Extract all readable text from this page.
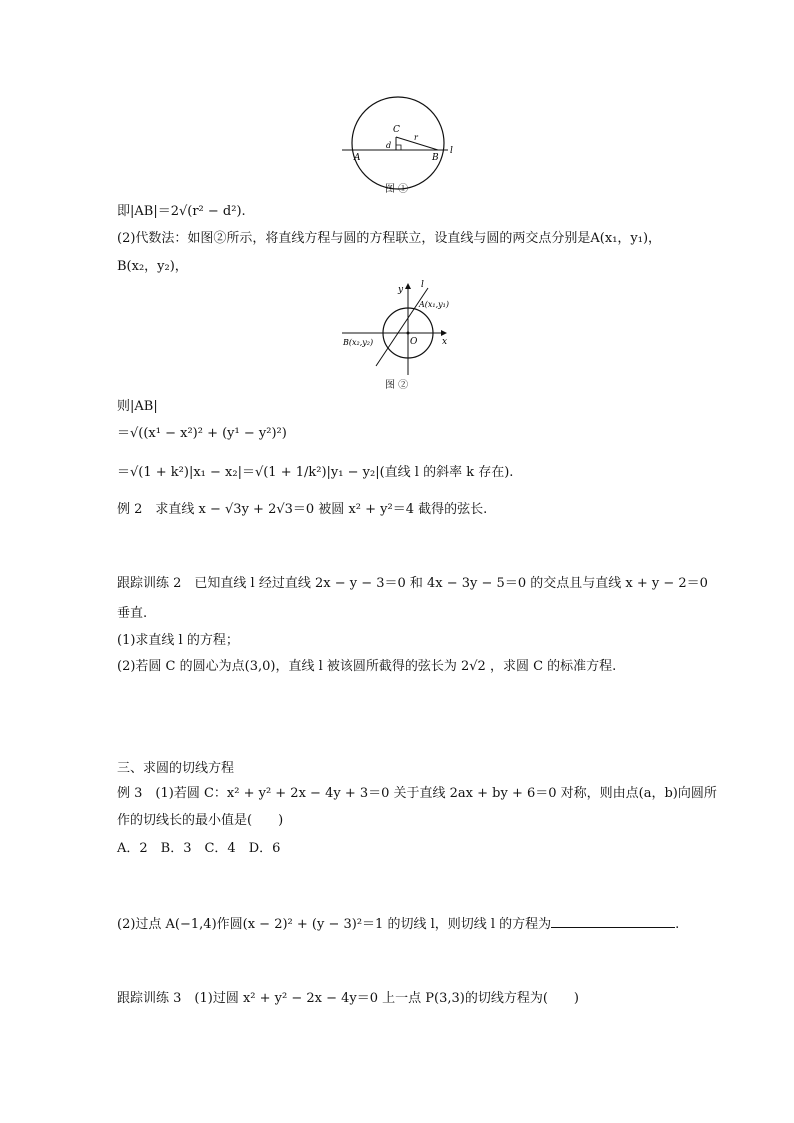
C
r
d
A	B
l
图 ①
即|AB|＝2√(r² − d²).
(2)代数法：如图②所示，将直线方程与圆的方程联立，设直线与圆的两交点分别是A(x₁，y₁)，
B(x₂，y₂)，
y
x
l
O
A(x₁,y₁)
B(x₂,y₂)
图 ②
则|AB|
＝√((x¹ − x²)² + (y¹ − y²)²)
＝√(1 + k²)|x₁ − x₂|＝√(1 + 1/k²)|y₁ − y₂|(直线 l 的斜率 k 存在).
例 2　求直线 x − √3y + 2√3＝0 被圆 x² + y²＝4 截得的弦长.
跟踪训练 2　已知直线 l 经过直线 2x − y − 3＝0 和 4x − 3y − 5＝0 的交点且与直线 x + y − 2＝0
垂直.
(1)求直线 l 的方程；
(2)若圆 C 的圆心为点(3,0)，直线 l 被该圆所截得的弦长为 2√2 ，求圆 C 的标准方程.
三、求圆的切线方程
例 3　(1)若圆 C：x² + y² + 2x − 4y + 3＝0 关于直线 2ax + by + 6＝0 对称，则由点(a，b)向圆所
作的切线长的最小值是(　　)
A．2　B．3　C．4　D．6
(2)过点 A(−1,4)作圆(x − 2)² + (y − 3)²＝1 的切线 l，则切线 l 的方程为	.
跟踪训练 3　(1)过圆 x² + y² − 2x − 4y＝0 上一点 P(3,3)的切线方程为(　　)
